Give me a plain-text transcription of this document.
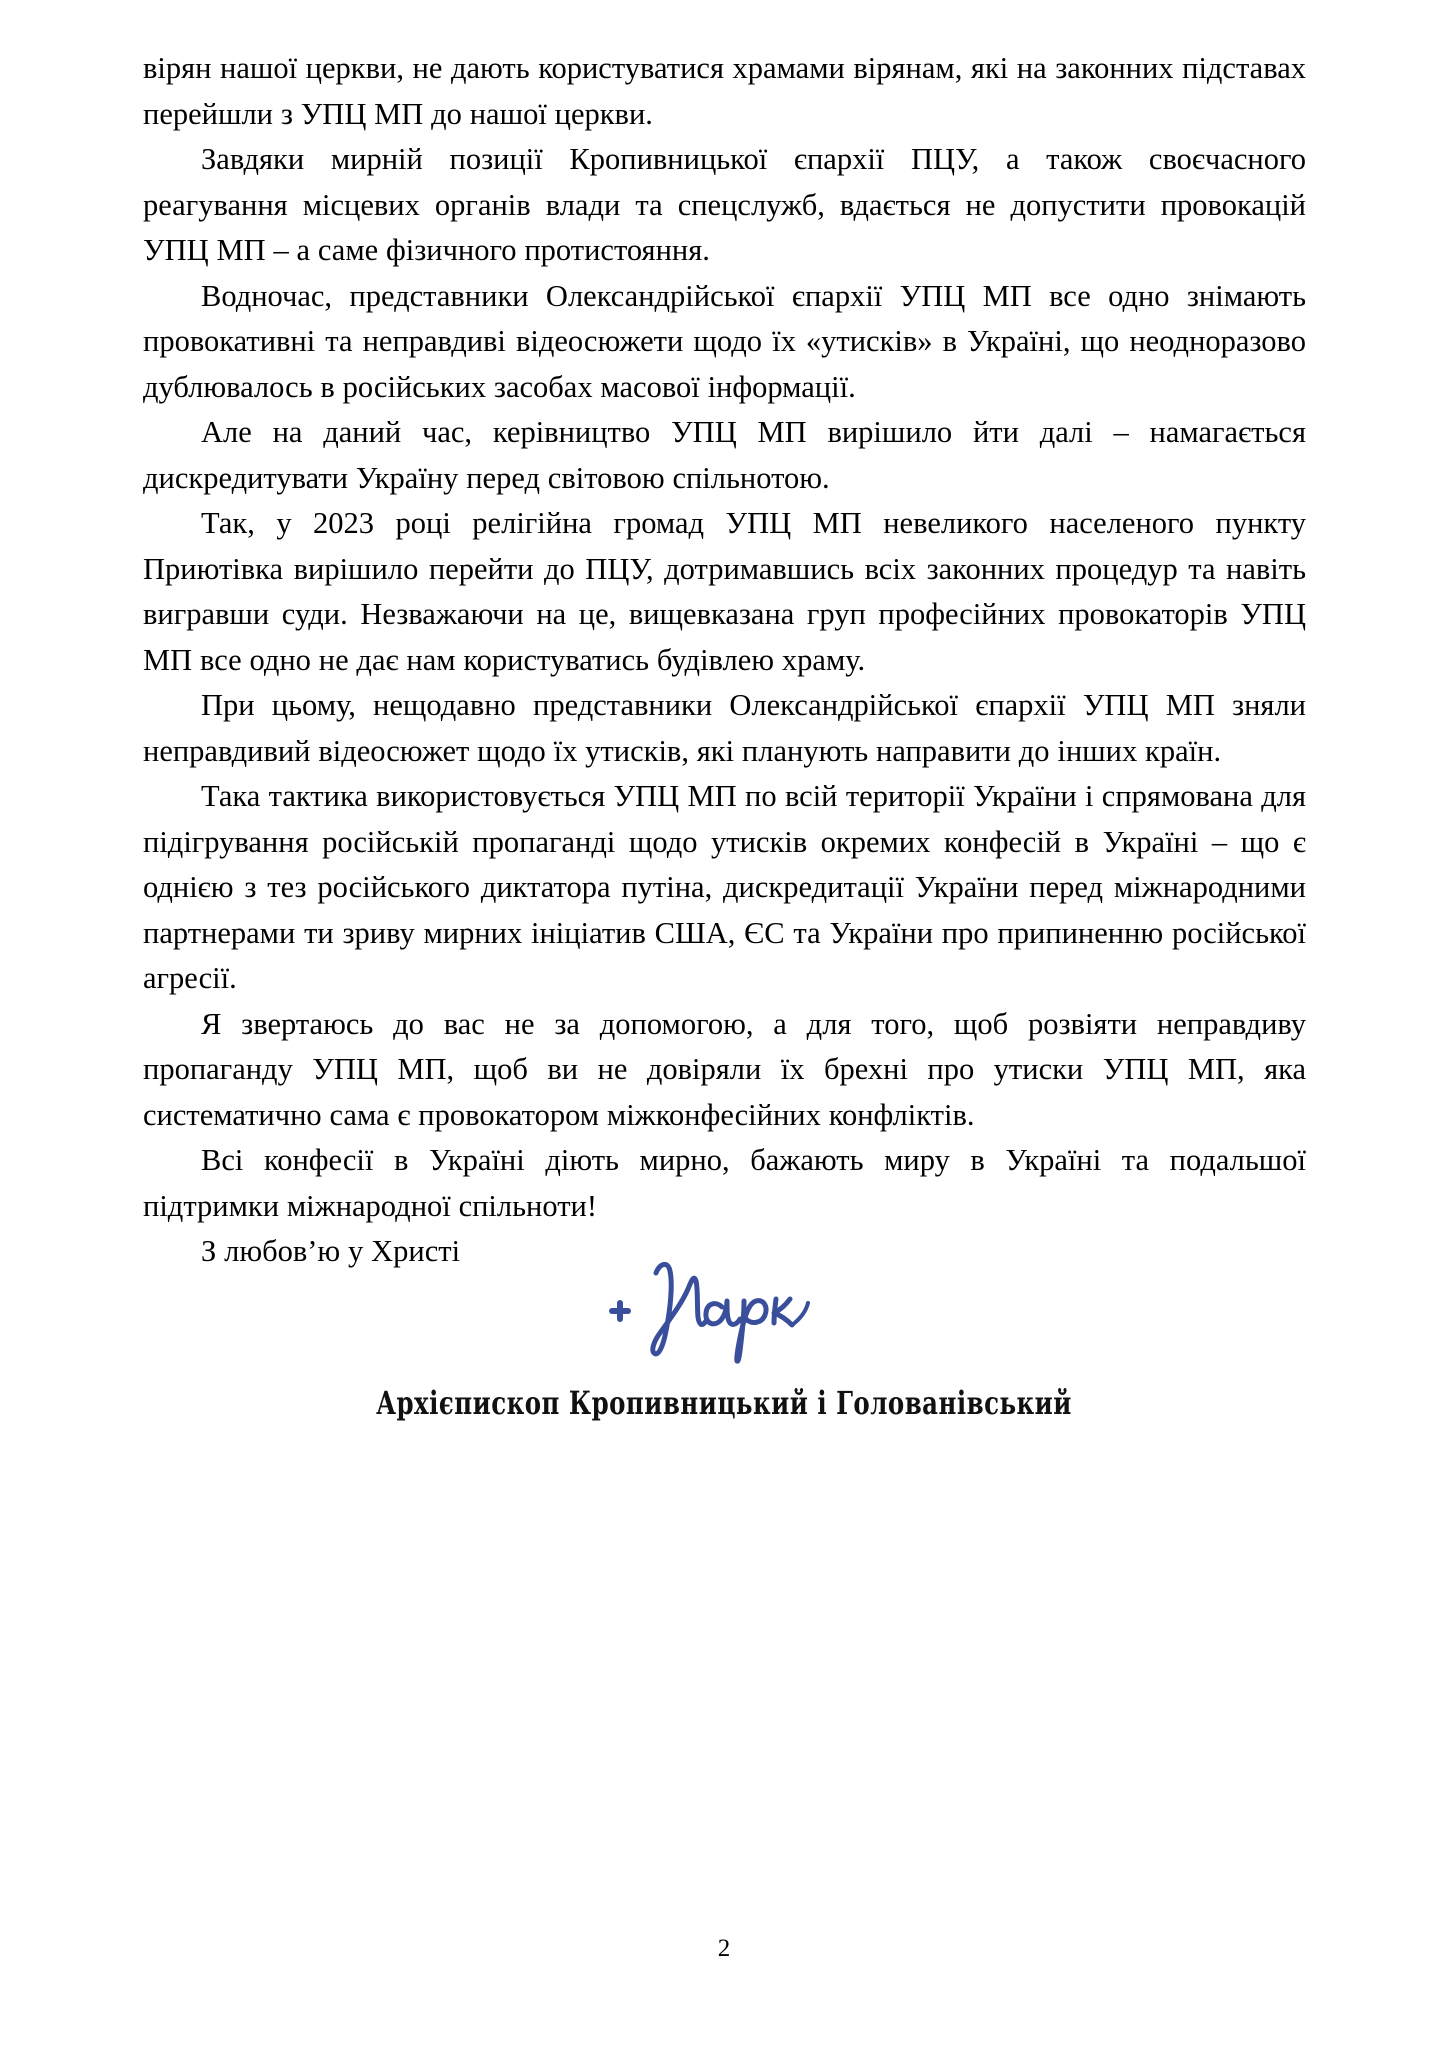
вірян нашої церкви, не дають користуватися храмами вірянам, які на законних підставах перейшли з УПЦ МП до нашої церкви.

Завдяки мирній позиції Кропивницької єпархії ПЦУ, а також своєчасного реагування місцевих органів влади та спецслужб, вдається не допустити провокацій УПЦ МП – а саме фізичного протистояння.

Водночас, представники Олександрійської єпархії УПЦ МП все одно знімають провокативні та неправдиві відеосюжети щодо їх «утисків» в Україні, що неодноразово дублювалось в російських засобах масової інформації.

Але на даний час, керівництво УПЦ МП вирішило йти далі – намагається дискредитувати Україну перед світовою спільнотою.

Так, у 2023 році релігійна громад УПЦ МП невеликого населеного пункту Приютівка вирішило перейти до ПЦУ, дотримавшись всіх законних процедур та навіть вигравши суди. Незважаючи на це, вищевказана груп професійних провокаторів УПЦ МП все одно не дає нам користуватись будівлею храму.

При цьому, нещодавно представники Олександрійської єпархії УПЦ МП зняли неправдивий відеосюжет щодо їх утисків, які планують направити до інших країн.

Така тактика використовується УПЦ МП по всій території України і спрямована для підігрування російській пропаганді щодо утисків окремих конфесій в Україні – що є однією з тез російського диктатора путіна, дискредитації України перед міжнародними партнерами ти зриву мирних ініціатив США, ЄС та України про припиненню російської агресії.

Я звертаюсь до вас не за допомогою, а для того, щоб розвіяти неправдиву пропаганду УПЦ МП, щоб ви не довіряли їх брехні про утиски УПЦ МП, яка систематично сама є провокатором міжконфесійних конфліктів.

Всі конфесії в Україні діють мирно, бажають миру в Україні та подальшої підтримки міжнародної спільноти!

З любов’ю у Христі

Архієпископ Кропивницький і Голованівський
2
